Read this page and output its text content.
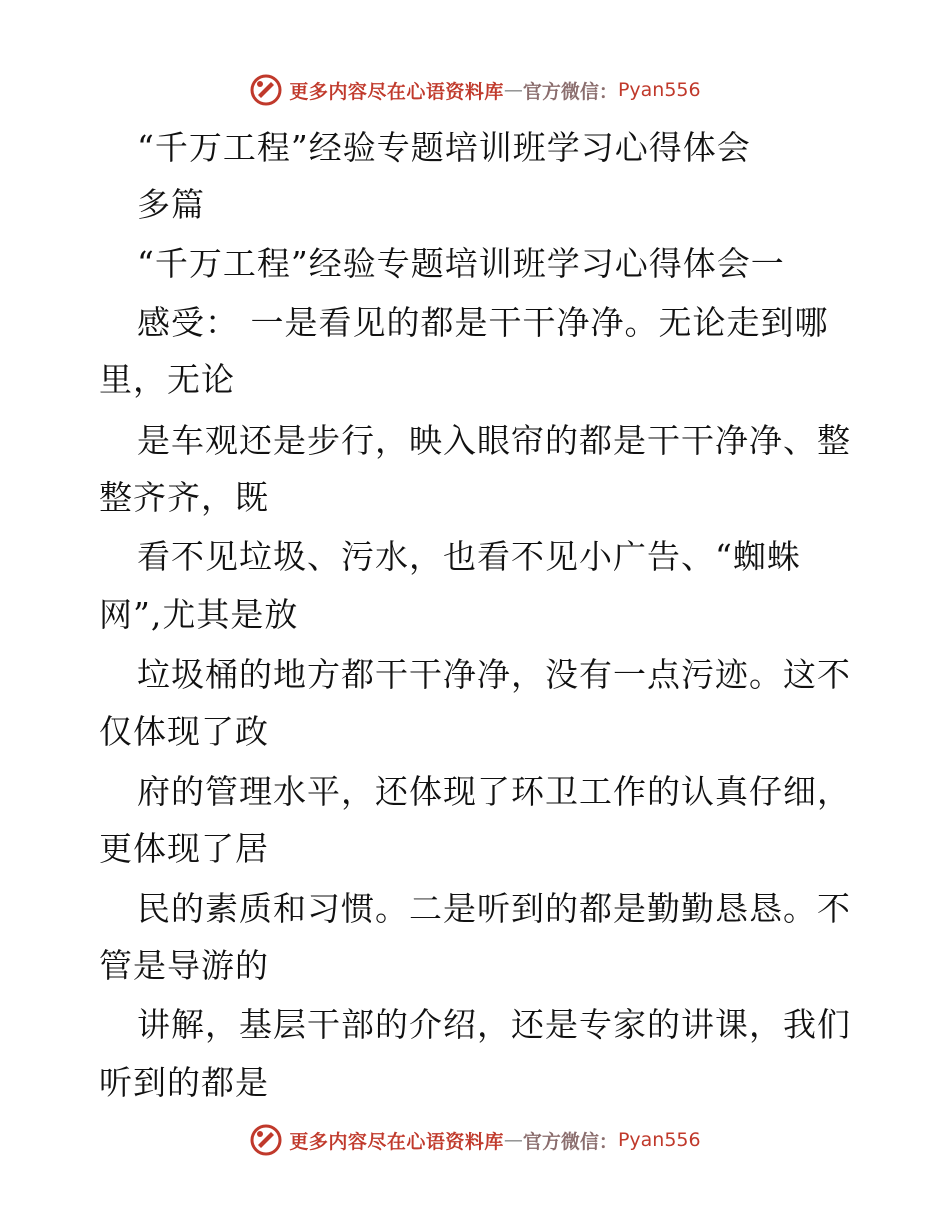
更多内容尽在心语资料库 — 官方微信： Pyan556
“千万工程”经验专题培训班学习心得体会
多篇
“千万工程”经验专题培训班学习心得体会一
感受： 一是看见的都是干干净净。无论走到哪
里，无论
是车观还是步行，映入眼帘的都是干干净净、整
整齐齐，既
看不见垃圾、污水，也看不见小广告、“蜘蛛
网”,尤其是放
垃圾桶的地方都干干净净，没有一点污迹。这不
仅体现了政
府的管理水平，还体现了环卫工作的认真仔细，
更体现了居
民的素质和习惯。二是听到的都是勤勤恳恳。不
管是导游的
讲解，基层干部的介绍，还是专家的讲课，我们
听到的都是
更多内容尽在心语资料库 — 官方微信： Pyan556
